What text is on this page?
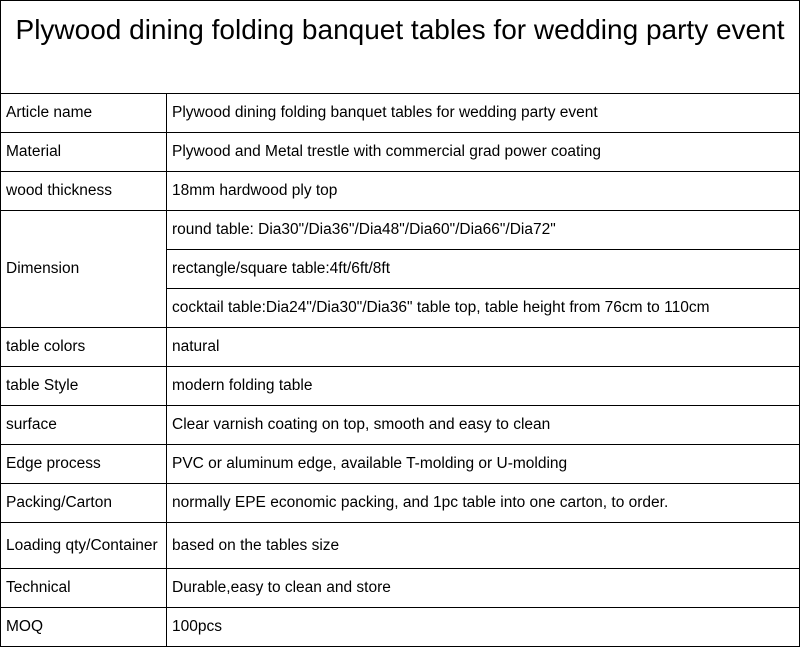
Plywood dining folding banquet tables for wedding party event
Article name	Plywood dining folding banquet tables for wedding party event
Material	Plywood and Metal trestle with commercial grad power coating
wood thickness	18mm hardwood ply top
Dimension	round table: Dia30"/Dia36"/Dia48"/Dia60"/Dia66"/Dia72"
	rectangle/square table:4ft/6ft/8ft
	cocktail table:Dia24"/Dia30"/Dia36" table top, table height from 76cm to 110cm
table colors	natural
table Style	modern folding table
surface	Clear varnish coating on top, smooth and easy to clean
Edge process	PVC or aluminum edge, available T-molding or U-molding
Packing/Carton	normally EPE economic packing, and 1pc table into one carton, to order.
Loading qty/Container	based on the tables size
Technical	Durable,easy to clean and store
MOQ	100pcs
